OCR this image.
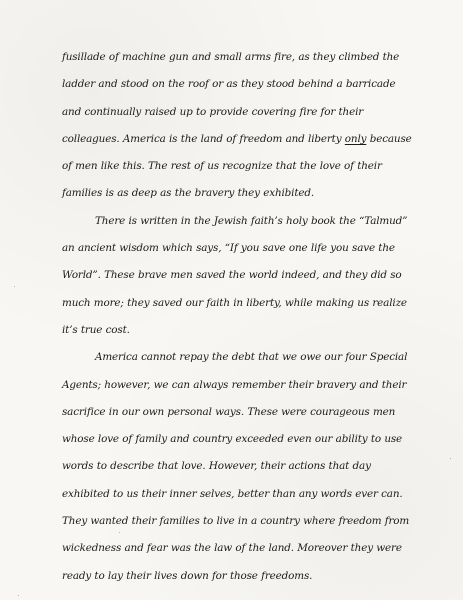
fusillade of machine gun and small arms fire, as they climbed the ladder and stood on the roof or as they stood behind a barricade and continually raised up to provide covering fire for their colleagues. America is the land of freedom and liberty only because of men like this. The rest of us recognize that the love of their families is as deep as the bravery they exhibited.

There is written in the Jewish faith’s holy book the “Talmud” an ancient wisdom which says, “If you save one life you save the World”. These brave men saved the world indeed, and they did so much more; they saved our faith in liberty, while making us realize it’s true cost.

America cannot repay the debt that we owe our four Special Agents; however, we can always remember their bravery and their sacrifice in our own personal ways. These were courageous men whose love of family and country exceeded even our ability to use words to describe that love. However, their actions that day exhibited to us their inner selves, better than any words ever can. They wanted their families to live in a country where freedom from wickedness and fear was the law of the land. Moreover they were ready to lay their lives down for those freedoms.
